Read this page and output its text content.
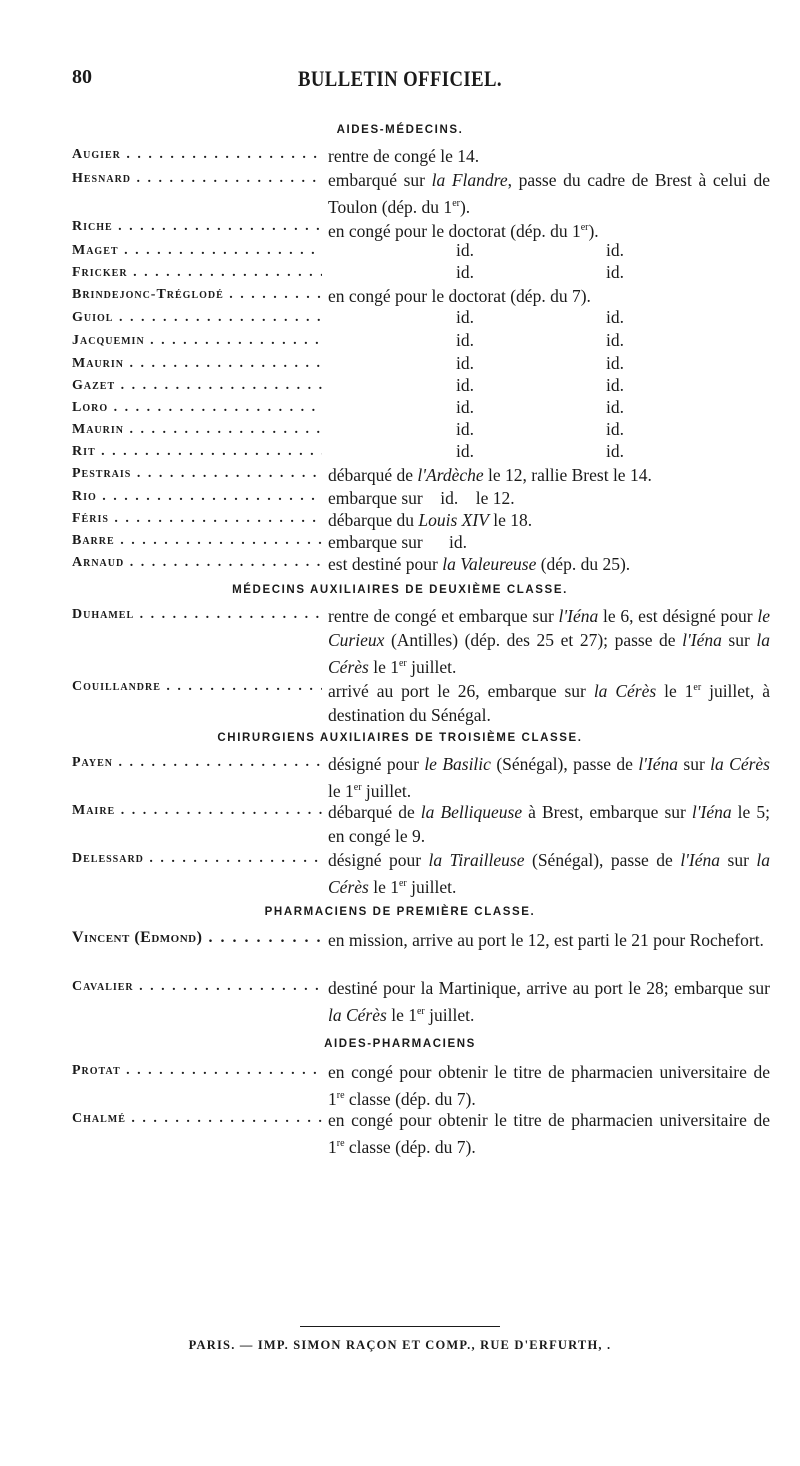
80	BULLETIN OFFICIEL.
AIDES-MÉDECINS.
Augier . . .	rentre de congé le 14.
Hesnard . . .	embarqué sur la Flandre, passe du cadre de Brest à celui de Toulon (dép. du 1er).
Riche . . .	en congé pour le doctorat (dép. du 1er).
Maget . . .	id.	id.
Fricker . . .	id.	id.
Brindejonc-Tréglodé . . .	en congé pour le doctorat (dép. du 7).
Guiol . . .	id.	id.
Jacquemin . . .	id.	id.
Maurin . . .	id.	id.
Gazet . . .	id.	id.
Loro . . .	id.	id.
Maurin . . .	id.	id.
Rit . . .	id.	id.
Pestrais . . .	débarqué de l'Ardèche le 12, rallie Brest le 14.
Rio . . .	embarque sur    id.    le 12.
Féris . . .	débarque du Louis XIV le 18.
Barre . . .	embarque sur      id.
Arnaud . . .	est destiné pour la Valeureuse (dép. du 25).
MÉDECINS AUXILIAIRES DE DEUXIÈME CLASSE.
Duhamel . . .	rentre de congé et embarque sur l'Iéna le 6, est désigné pour le Curieux (Antilles) (dép. des 25 et 27); passe de l'Iéna sur la Cérès le 1er juillet.
Couillandre . . .	arrivé au port le 26, embarque sur la Cérès le 1er juillet, à destination du Sénégal.
CHIRURGIENS AUXILIAIRES DE TROISIÈME CLASSE.
Payen . . .	désigné pour le Basilic (Sénégal), passe de l'Iéna sur la Cérès le 1er juillet.
Maire . . .	débarqué de la Belliqueuse à Brest, embarque sur l'Iéna le 5; en congé le 9.
Delessard . . .	désigné pour la Tirailleuse (Sénégal), passe de l'Iéna sur la Cérès le 1er juillet.
PHARMACIENS DE PREMIÈRE CLASSE.
Vincent (Edmond) . . .	en mission, arrive au port le 12, est parti le 21 pour Rochefort.
Cavalier . . .	destiné pour la Martinique, arrive au port le 28; embarque sur la Cérès le 1er juillet.
AIDES-PHARMACIENS
Protat . . .	en congé pour obtenir le titre de pharmacien universitaire de 1re classe (dép. du 7).
Chalmé . . .	en congé pour obtenir le titre de pharmacien universitaire de 1re classe (dép. du 7).
PARIS. — IMP. SIMON RAÇON ET COMP., RUE D'ERFURTH, .
